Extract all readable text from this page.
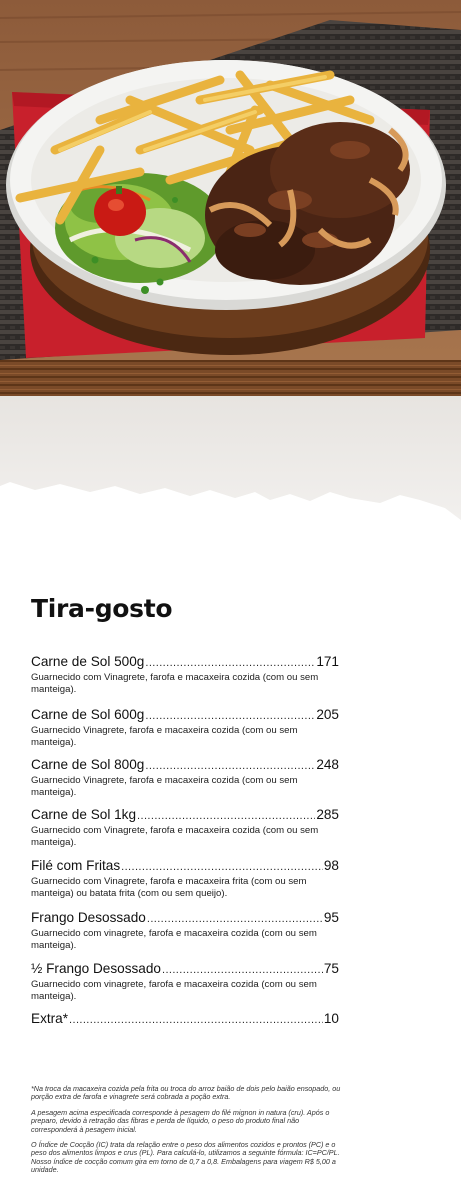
Tira-gosto
Carne de Sol 500g .....	171
Guarnecido com Vinagrete, farofa e macaxeira cozida (com ou sem manteiga).
Carne de Sol 600g .....	205
Guarnecido Vinagrete, farofa e macaxeira cozida (com ou sem manteiga).
Carne de Sol 800g .....	248
Guarnecido Vinagrete, farofa e macaxeira cozida (com ou sem manteiga).
Carne de Sol 1kg .....	285
Guarnecido com Vinagrete, farofa e macaxeira cozida (com ou sem manteiga).
Filé com Fritas .....	98
Guarnecido com Vinagrete, farofa e macaxeira frita (com ou sem manteiga) ou batata frita (com ou sem queijo).
Frango Desossado .....	95
Guarnecido com vinagrete, farofa e macaxeira cozida (com ou sem manteiga).
½ Frango Desossado .....	75
Guarnecido com vinagrete, farofa e macaxeira cozida (com ou sem manteiga).
Extra* .....	10

*Na troca da macaxeira cozida pela frita ou troca do arroz baião de dois pelo baião ensopado, ou porção extra de farofa e vinagrete será cobrada a poção extra.

A pesagem acima especificada corresponde à pesagem do filé mignon in natura (cru). Após o preparo, devido à retração das fibras e perda de líquido, o peso do produto final não corresponderá à pesagem inicial.

O Índice de Cocção (IC) trata da relação entre o peso dos alimentos cozidos e prontos (PC) e o peso dos alimentos limpos e crus (PL). Para calculá-lo, utilizamos a seguinte fórmula: IC=PC/PL. Nosso índice de cocção comum gira em torno de 0,7 a 0,8. Embalagens para viagem R$ 5,00 a unidade.
